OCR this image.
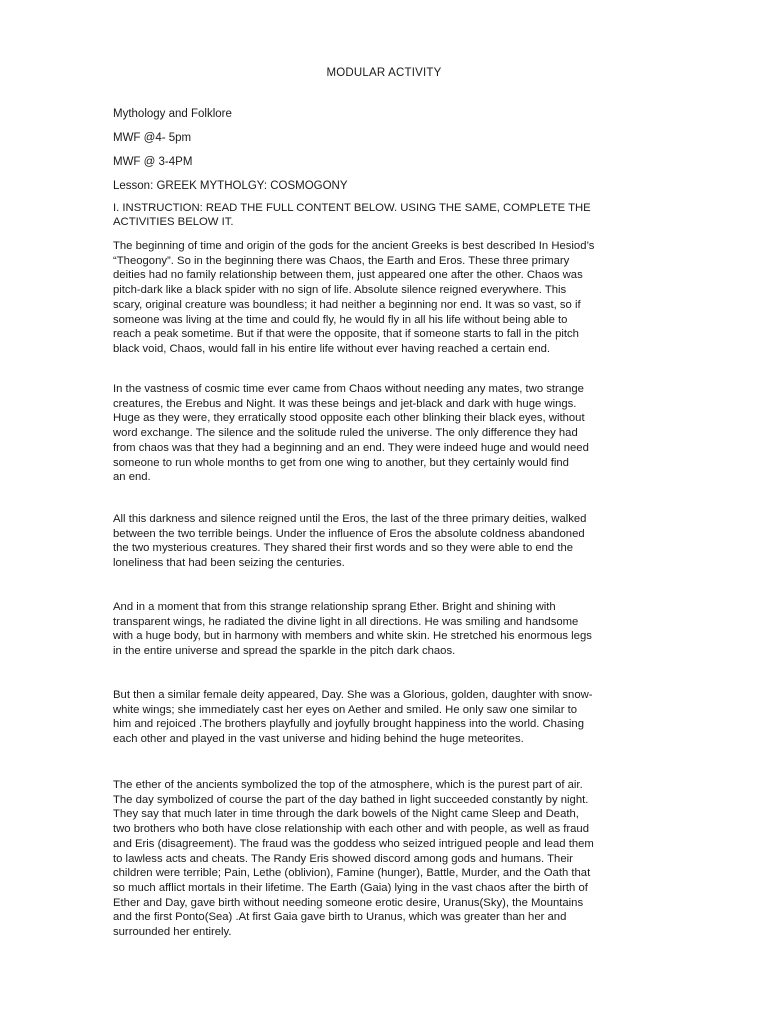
MODULAR ACTIVITY
Mythology and Folklore
MWF @4- 5pm
MWF @ 3-4PM
Lesson: GREEK MYTHOLGY: COSMOGONY
I. INSTRUCTION: READ THE FULL CONTENT BELOW. USING THE SAME, COMPLETE THE
ACTIVITIES BELOW IT.
The beginning of time and origin of the gods for the ancient Greeks is best described In Hesiod’s
“Theogony”. So in the beginning there was Chaos, the Earth and Eros. These three primary
deities had no family relationship between them, just appeared one after the other. Chaos was
pitch-dark like a black spider with no sign of life. Absolute silence reigned everywhere. This
scary, original creature was boundless; it had neither a beginning nor end. It was so vast, so if
someone was living at the time and could fly, he would fly in all his life without being able to
reach a peak sometime. But if that were the opposite, that if someone starts to fall in the pitch
black void, Chaos, would fall in his entire life without ever having reached a certain end.
In the vastness of cosmic time ever came from Chaos without needing any mates, two strange
creatures, the Erebus and Night. It was these beings and jet-black and dark with huge wings.
Huge as they were, they erratically stood opposite each other blinking their black eyes, without
word exchange. The silence and the solitude ruled the universe. The only difference they had
from chaos was that they had a beginning and an end. They were indeed huge and would need
someone to run whole months to get from one wing to another, but they certainly would find
an end.
All this darkness and silence reigned until the Eros, the last of the three primary deities, walked
between the two terrible beings. Under the influence of Eros the absolute coldness abandoned
the two mysterious creatures. They shared their first words and so they were able to end the
loneliness that had been seizing the centuries.
And in a moment that from this strange relationship sprang Ether. Bright and shining with
transparent wings, he radiated the divine light in all directions. He was smiling and handsome
with a huge body, but in harmony with members and white skin. He stretched his enormous legs
in the entire universe and spread the sparkle in the pitch dark chaos.
But then a similar female deity appeared, Day. She was a Glorious, golden, daughter with snow-
white wings; she immediately cast her eyes on Aether and smiled. He only saw one similar to
him and rejoiced .The brothers playfully and joyfully brought happiness into the world. Chasing
each other and played in the vast universe and hiding behind the huge meteorites.
The ether of the ancients symbolized the top of the atmosphere, which is the purest part of air.
The day symbolized of course the part of the day bathed in light succeeded constantly by night.
They say that much later in time through the dark bowels of the Night came Sleep and Death,
two brothers who both have close relationship with each other and with people, as well as fraud
and Eris (disagreement). The fraud was the goddess who seized intrigued people and lead them
to lawless acts and cheats. The Randy Eris showed discord among gods and humans. Their
children were terrible; Pain, Lethe (oblivion), Famine (hunger), Battle, Murder, and the Oath that
so much afflict mortals in their lifetime. The Earth (Gaia) lying in the vast chaos after the birth of
Ether and Day, gave birth without needing someone erotic desire, Uranus(Sky), the Mountains
and the first Ponto(Sea) .At first Gaia gave birth to Uranus, which was greater than her and
surrounded her entirely.
